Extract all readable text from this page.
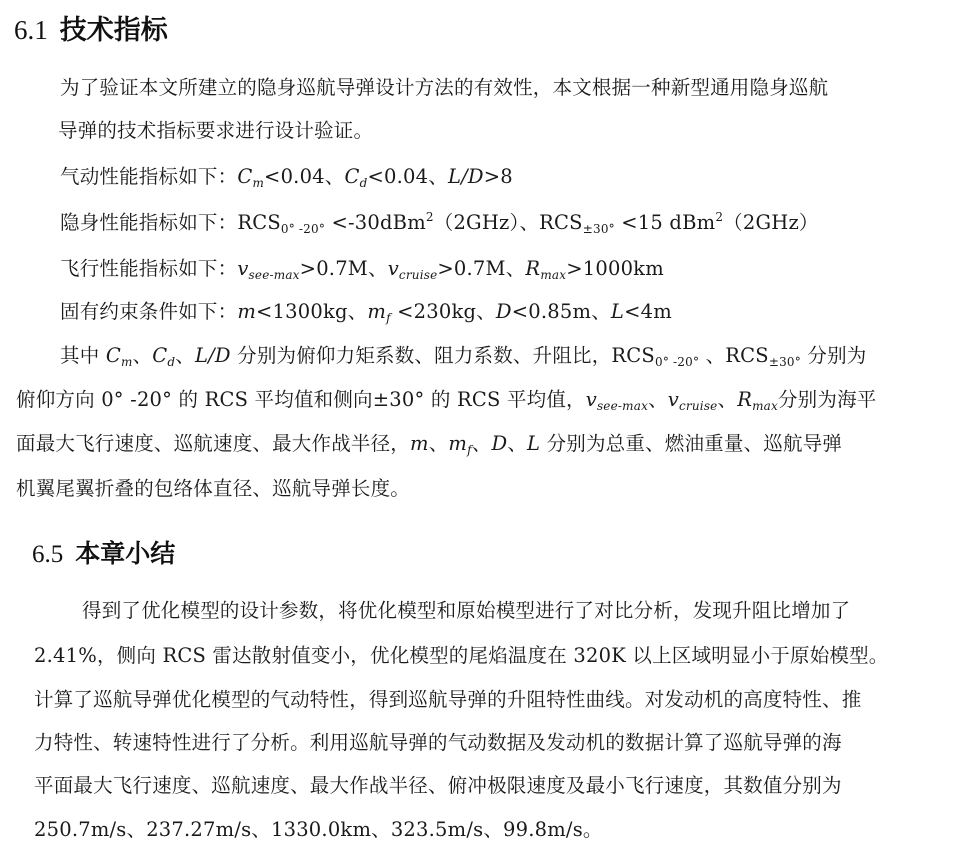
6.1 技术指标

为了验证本文所建立的隐身巡航导弹设计方法的有效性，本文根据一种新型通用隐身巡航

导弹的技术指标要求进行设计验证。

气动性能指标如下：$C_m<0.04$、$C_d<0.04$、L/D>8

隐身性能指标如下：$RCS_{0^\circ -20^\circ} <-30dBm^2(2GHz)$、$RCS_{\pm 30^\circ} <15$ dBm$^2$（2GHz）

飞行性能指标如下：$v_{see-max}>0.7M$、$v_{cruise}>0.7M$、$R_{max}>1000km$

固有约束条件如下：m<1300kg、$m_f <230kg$、D<0.85m、L<4m

其中 $C_m$、$C_d$、L/D 分别为俯仰力矩系数、阻力系数、升阻比，$RCS_{0^\circ -20^\circ}$ 、$RCS_{\pm 30^\circ}$ 分别为

俯仰方向 0° -20° 的 RCS 平均值和侧向±30° 的 RCS 平均值，$v_{see-max}$、$v_{cruise}$、$R_{max}$分别为海平

面最大飞行速度、巡航速度、最大作战半径，m、$m_f$、D、L 分别为总重、燃油重量、巡航导弹

机翼尾翼折叠的包络体直径、巡航导弹长度。

6.5 本章小结

得到了优化模型的设计参数，将优化模型和原始模型进行了对比分析，发现升阻比增加了

2.41%，侧向 RCS 雷达散射值变小，优化模型的尾焰温度在 320K 以上区域明显小于原始模型。

计算了巡航导弹优化模型的气动特性，得到巡航导弹的升阻特性曲线。对发动机的高度特性、推

力特性、转速特性进行了分析。利用巡航导弹的气动数据及发动机的数据计算了巡航导弹的海

平面最大飞行速度、巡航速度、最大作战半径、俯冲极限速度及最小飞行速度，其数值分别为

250.7m/s、237.27m/s、1330.0km、323.5m/s、99.8m/s。
